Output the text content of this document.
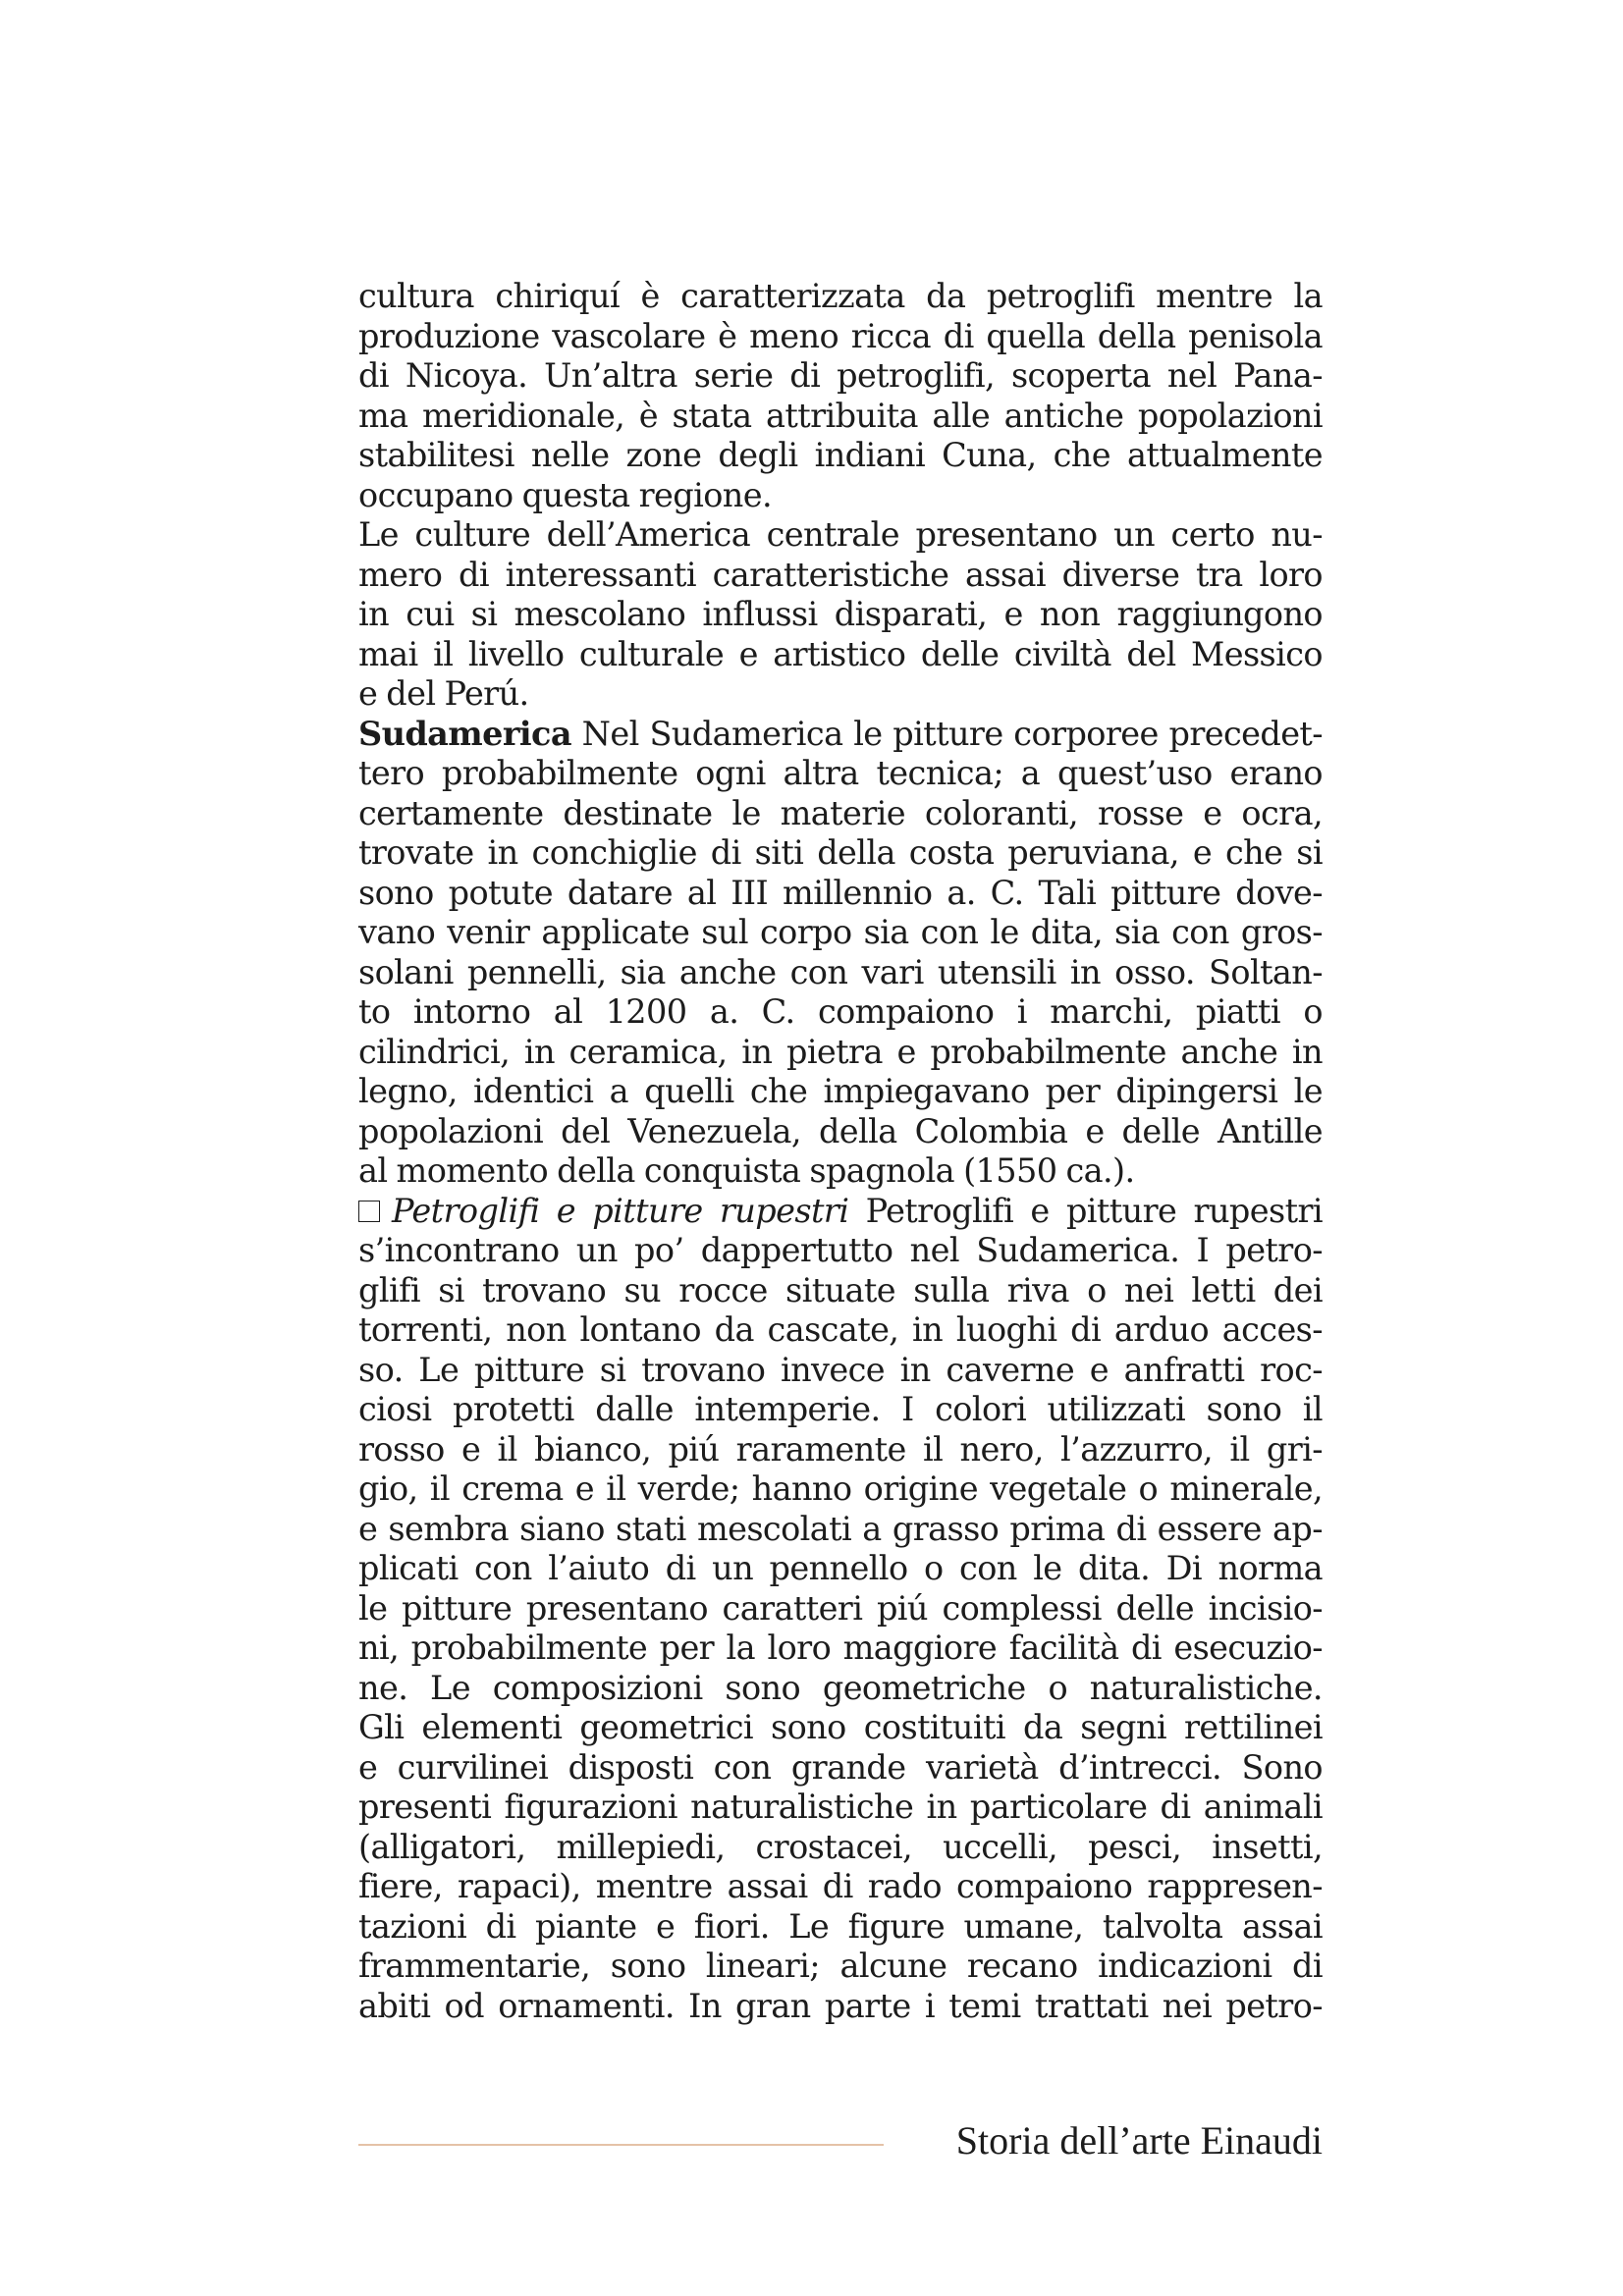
cultura chiriquí è caratterizzata da petroglifi mentre la
produzione vascolare è meno ricca di quella della penisola
di Nicoya. Un’altra serie di petroglifi, scoperta nel Pana-
ma meridionale, è stata attribuita alle antiche popolazioni
stabilitesi nelle zone degli indiani Cuna, che attualmente
occupano questa regione.
Le culture dell’America centrale presentano un certo nu-
mero di interessanti caratteristiche assai diverse tra loro
in cui si mescolano influssi disparati, e non raggiungono
mai il livello culturale e artistico delle civiltà del Messico
e del Perú.
Sudamerica Nel Sudamerica le pitture corporee precedet-
tero probabilmente ogni altra tecnica; a quest’uso erano
certamente destinate le materie coloranti, rosse e ocra,
trovate in conchiglie di siti della costa peruviana, e che si
sono potute datare al III millennio a. C. Tali pitture dove-
vano venir applicate sul corpo sia con le dita, sia con gros-
solani pennelli, sia anche con vari utensili in osso. Soltan-
to intorno al 1200 a. C. compaiono i marchi, piatti o
cilindrici, in ceramica, in pietra e probabilmente anche in
legno, identici a quelli che impiegavano per dipingersi le
popolazioni del Venezuela, della Colombia e delle Antille
al momento della conquista spagnola (1550 ca.).
Petroglifi e pitture rupestri Petroglifi e pitture rupestri
s’incontrano un po’ dappertutto nel Sudamerica. I petro-
glifi si trovano su rocce situate sulla riva o nei letti dei
torrenti, non lontano da cascate, in luoghi di arduo acces-
so. Le pitture si trovano invece in caverne e anfratti roc-
ciosi protetti dalle intemperie. I colori utilizzati sono il
rosso e il bianco, piú raramente il nero, l’azzurro, il gri-
gio, il crema e il verde; hanno origine vegetale o minerale,
e sembra siano stati mescolati a grasso prima di essere ap-
plicati con l’aiuto di un pennello o con le dita. Di norma
le pitture presentano caratteri piú complessi delle incisio-
ni, probabilmente per la loro maggiore facilità di esecuzio-
ne. Le composizioni sono geometriche o naturalistiche.
Gli elementi geometrici sono costituiti da segni rettilinei
e curvilinei disposti con grande varietà d’intrecci. Sono
presenti figurazioni naturalistiche in particolare di animali
(alligatori, millepiedi, crostacei, uccelli, pesci, insetti,
fiere, rapaci), mentre assai di rado compaiono rappresen-
tazioni di piante e fiori. Le figure umane, talvolta assai
frammentarie, sono lineari; alcune recano indicazioni di
abiti od ornamenti. In gran parte i temi trattati nei petro-
Storia dell’arte Einaudi
